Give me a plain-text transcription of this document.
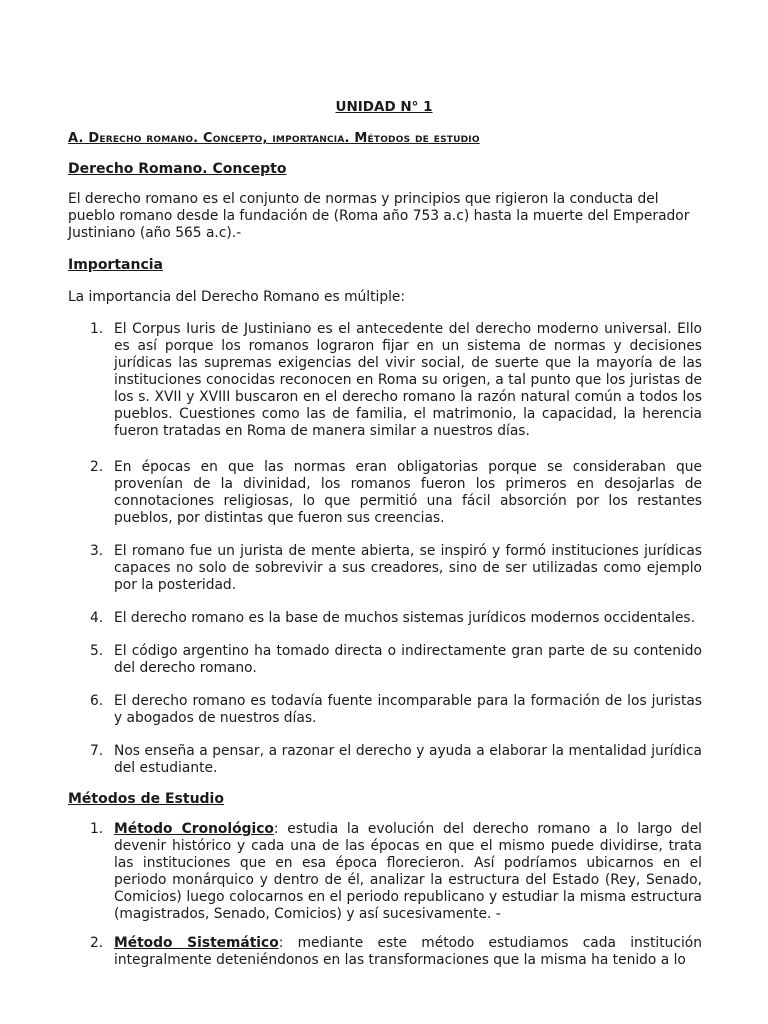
UNIDAD N° 1

A. Derecho romano. Concepto, importancia. Métodos de estudio

Derecho Romano. Concepto

El derecho romano es el conjunto de normas y principios que rigieron la conducta del pueblo romano desde la fundación de (Roma año 753 a.c) hasta la muerte del Emperador Justiniano (año 565 a.c).-

Importancia

La importancia del Derecho Romano es múltiple:

1. El Corpus Iuris de Justiniano es el antecedente del derecho moderno universal. Ello es así porque los romanos lograron fijar en un sistema de normas y decisiones jurídicas las supremas exigencias del vivir social, de suerte que la mayoría de las instituciones conocidas reconocen en Roma su origen, a tal punto que los juristas de los s. XVII y XVIII buscaron en el derecho romano la razón natural común a todos los pueblos. Cuestiones como las de familia, el matrimonio, la capacidad, la herencia fueron tratadas en Roma de manera similar a nuestros días.
2. En épocas en que las normas eran obligatorias porque se consideraban que provenían de la divinidad, los romanos fueron los primeros en desojarlas de connotaciones religiosas, lo que permitió una fácil absorción por los restantes pueblos, por distintas que fueron sus creencias.
3. El romano fue un jurista de mente abierta, se inspiró y formó instituciones jurídicas capaces no solo de sobrevivir a sus creadores, sino de ser utilizadas como ejemplo por la posteridad.
4. El derecho romano es la base de muchos sistemas jurídicos modernos occidentales.
5. El código argentino ha tomado directa o indirectamente gran parte de su contenido del derecho romano.
6. El derecho romano es todavía fuente incomparable para la formación de los juristas y abogados de nuestros días.
7. Nos enseña a pensar, a razonar el derecho y ayuda a elaborar la mentalidad jurídica del estudiante.

Métodos de Estudio

1. Método Cronológico: estudia la evolución del derecho romano a lo largo del devenir histórico y cada una de las épocas en que el mismo puede dividirse, trata las instituciones que en esa época florecieron. Así podríamos ubicarnos en el periodo monárquico y dentro de él, analizar la estructura del Estado (Rey, Senado, Comicios) luego colocarnos en el periodo republicano y estudiar la misma estructura (magistrados, Senado, Comicios) y así sucesivamente. -
2. Método Sistemático: mediante este método estudiamos cada institución integralmente deteniéndonos en las transformaciones que la misma ha tenido a lo
